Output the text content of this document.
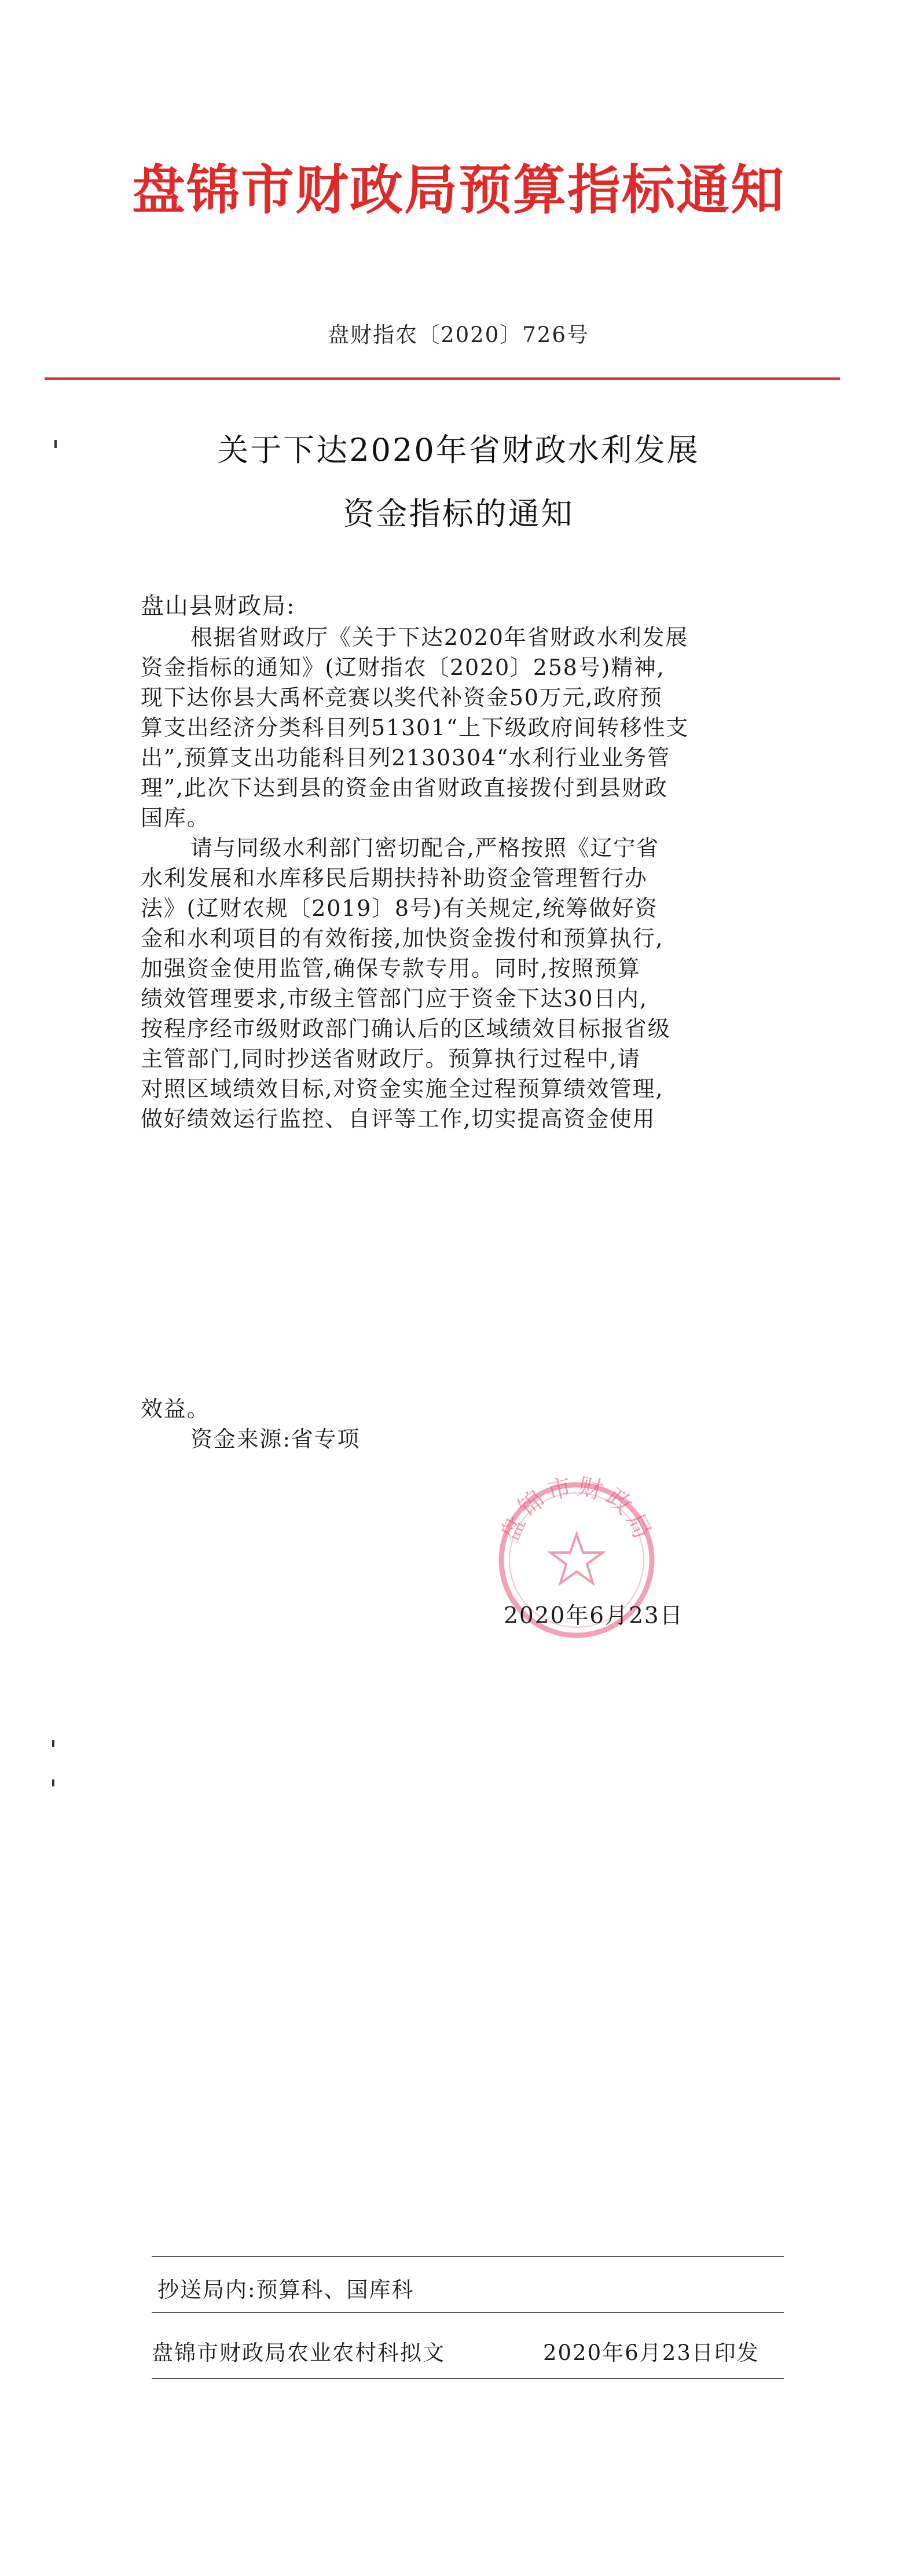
盘锦市财政局预算指标通知
盘财指农〔2020〕726号
关于下达2020年省财政水利发展
资金指标的通知
盘山县财政局:
根据省财政厅《关于下达2020年省财政水利发展
资金指标的通知》(辽财指农〔2020〕258号)精神,
现下达你县大禹杯竞赛以奖代补资金50万元,政府预
算支出经济分类科目列51301“上下级政府间转移性支
出”,预算支出功能科目列2130304“水利行业业务管
理”,此次下达到县的资金由省财政直接拨付到县财政
国库。
请与同级水利部门密切配合,严格按照《辽宁省
水利发展和水库移民后期扶持补助资金管理暂行办
法》(辽财农规〔2019〕8号)有关规定,统筹做好资
金和水利项目的有效衔接,加快资金拨付和预算执行,
加强资金使用监管,确保专款专用。同时,按照预算
绩效管理要求,市级主管部门应于资金下达30日内,
按程序经市级财政部门确认后的区域绩效目标报省级
主管部门,同时抄送省财政厅。预算执行过程中,请
对照区域绩效目标,对资金实施全过程预算绩效管理,
做好绩效运行监控、自评等工作,切实提高资金使用
效益。
资金来源:省专项
盘锦市财政局
2020年6月23日
抄送局内:预算科、国库科
盘锦市财政局农业农村科拟文	2020年6月23日印发
